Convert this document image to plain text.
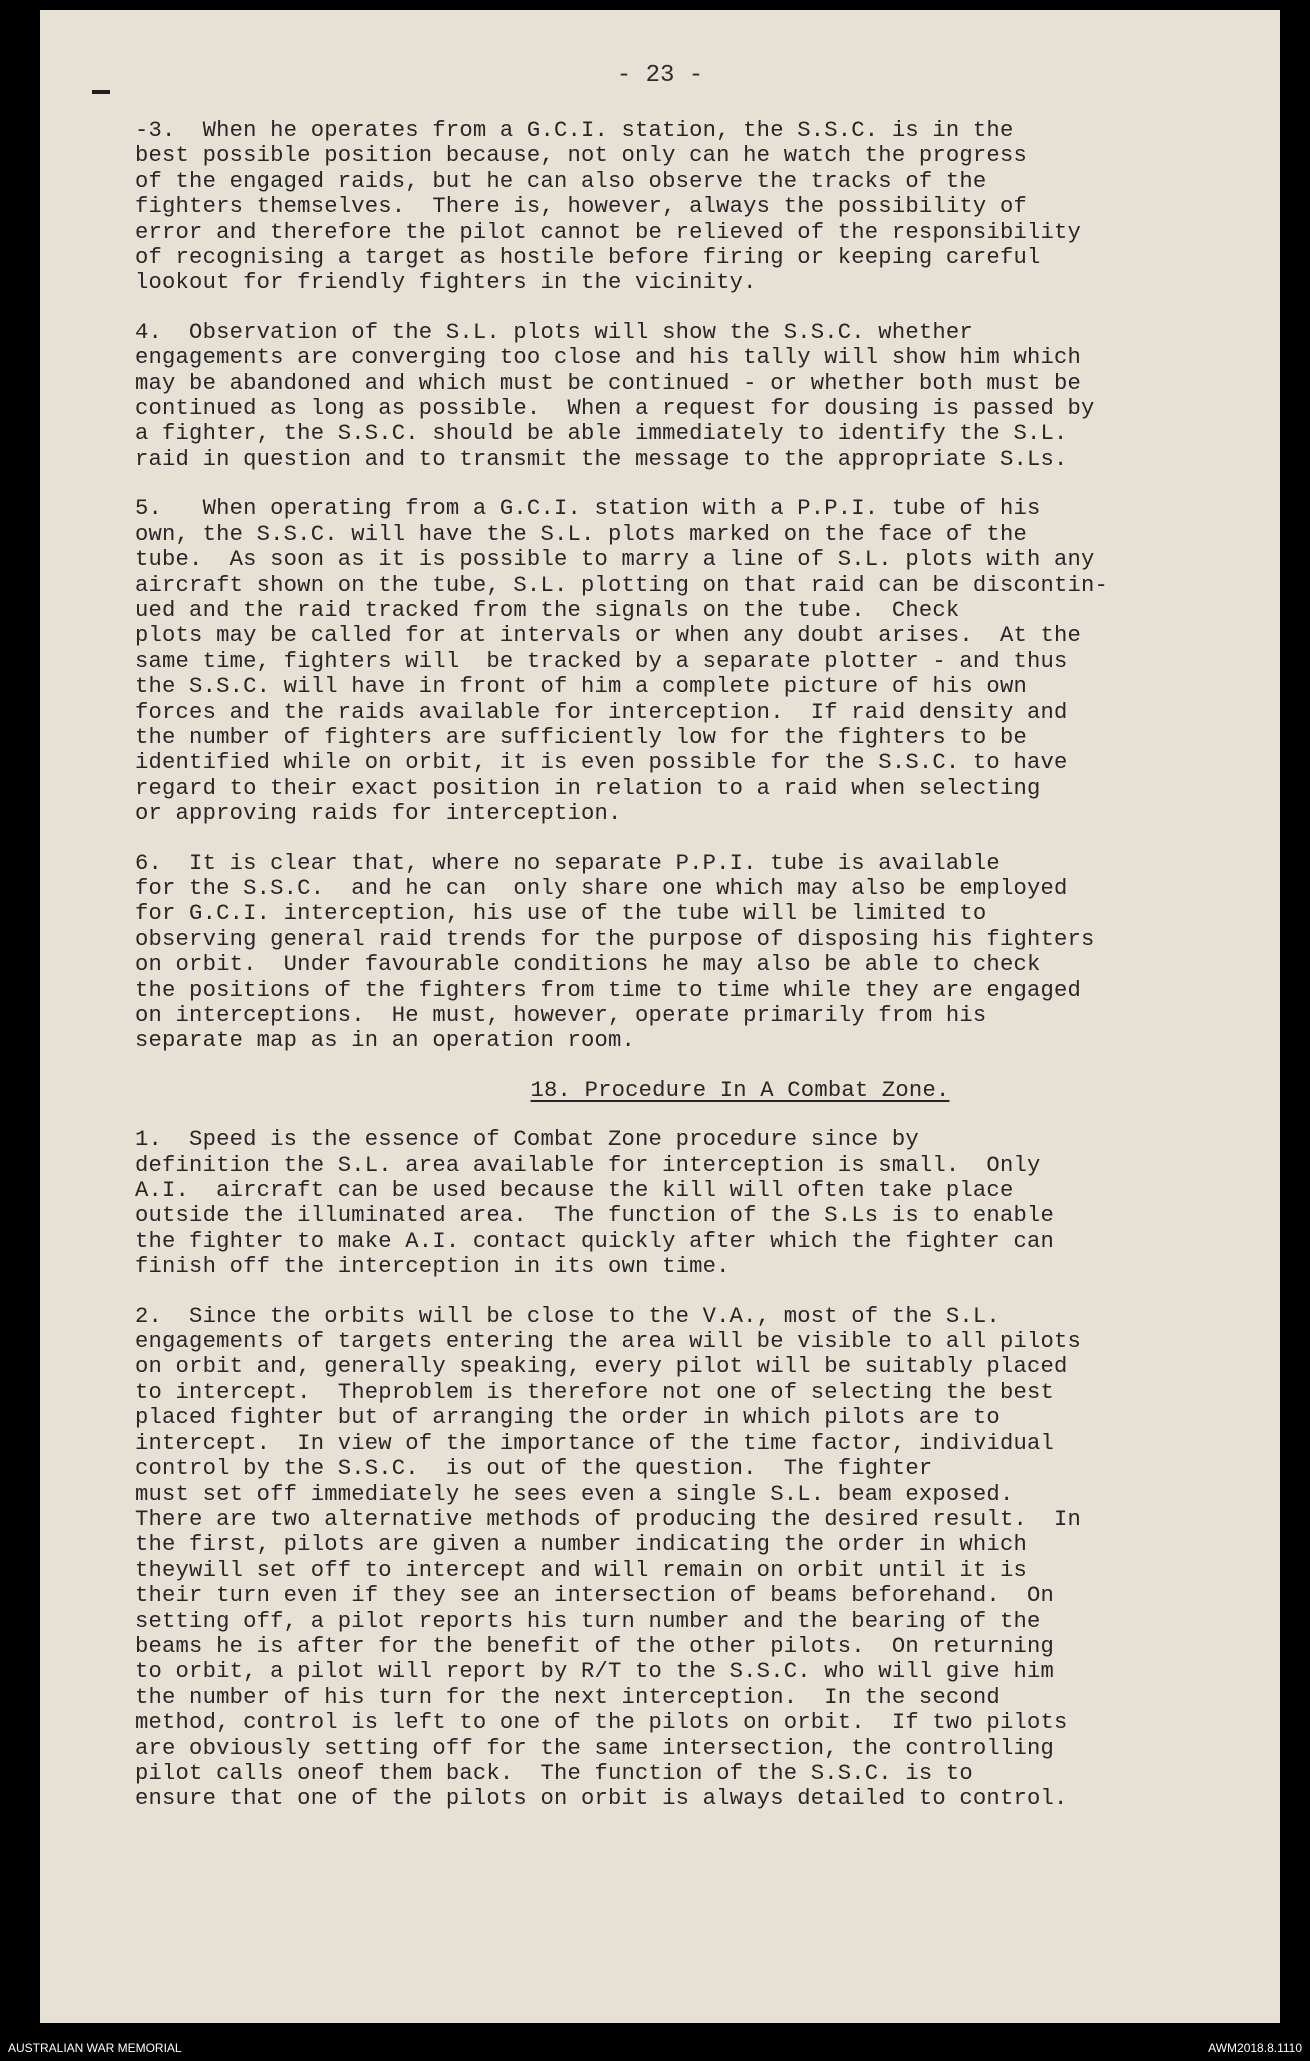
- 23 -
-3.  When he operates from a G.C.I. station, the S.S.C. is in the
best possible position because, not only can he watch the progress
of the engaged raids, but he can also observe the tracks of the
fighters themselves.  There is, however, always the possibility of
error and therefore the pilot cannot be relieved of the responsibility
of recognising a target as hostile before firing or keeping careful
lookout for friendly fighters in the vicinity.
4.  Observation of the S.L. plots will show the S.S.C. whether
engagements are converging too close and his tally will show him which
may be abandoned and which must be continued - or whether both must be
continued as long as possible.  When a request for dousing is passed by
a fighter, the S.S.C. should be able immediately to identify the S.L.
raid in question and to transmit the message to the appropriate S.Ls.
5.   When operating from a G.C.I. station with a P.P.I. tube of his
own, the S.S.C. will have the S.L. plots marked on the face of the
tube.  As soon as it is possible to marry a line of S.L. plots with any
aircraft shown on the tube, S.L. plotting on that raid can be discontin-
ued and the raid tracked from the signals on the tube.  Check
plots may be called for at intervals or when any doubt arises.  At the
same time, fighters will  be tracked by a separate plotter - and thus
the S.S.C. will have in front of him a complete picture of his own
forces and the raids available for interception.  If raid density and
the number of fighters are sufficiently low for the fighters to be
identified while on orbit, it is even possible for the S.S.C. to have
regard to their exact position in relation to a raid when selecting
or approving raids for interception.
6.  It is clear that, where no separate P.P.I. tube is available
for the S.S.C.  and he can  only share one which may also be employed
for G.C.I. interception, his use of the tube will be limited to
observing general raid trends for the purpose of disposing his fighters
on orbit.  Under favourable conditions he may also be able to check
the positions of the fighters from time to time while they are engaged
on interceptions.  He must, however, operate primarily from his
separate map as in an operation room.
18. Procedure In A Combat Zone.
1.  Speed is the essence of Combat Zone procedure since by
definition the S.L. area available for interception is small.  Only
A.I.  aircraft can be used because the kill will often take place
outside the illuminated area.  The function of the S.Ls is to enable
the fighter to make A.I. contact quickly after which the fighter can
finish off the interception in its own time.
2.  Since the orbits will be close to the V.A., most of the S.L.
engagements of targets entering the area will be visible to all pilots
on orbit and, generally speaking, every pilot will be suitably placed
to intercept.  Theproblem is therefore not one of selecting the best
placed fighter but of arranging the order in which pilots are to
intercept.  In view of the importance of the time factor, individual
control by the S.S.C.  is out of the question.  The fighter
must set off immediately he sees even a single S.L. beam exposed.
There are two alternative methods of producing the desired result.  In
the first, pilots are given a number indicating the order in which
theywill set off to intercept and will remain on orbit until it is
their turn even if they see an intersection of beams beforehand.  On
setting off, a pilot reports his turn number and the bearing of the
beams he is after for the benefit of the other pilots.  On returning
to orbit, a pilot will report by R/T to the S.S.C. who will give him
the number of his turn for the next interception.  In the second
method, control is left to one of the pilots on orbit.  If two pilots
are obviously setting off for the same intersection, the controlling
pilot calls oneof them back.  The function of the S.S.C. is to
ensure that one of the pilots on orbit is always detailed to control.
AUSTRALIAN WAR MEMORIAL	AWM2018.8.1110
